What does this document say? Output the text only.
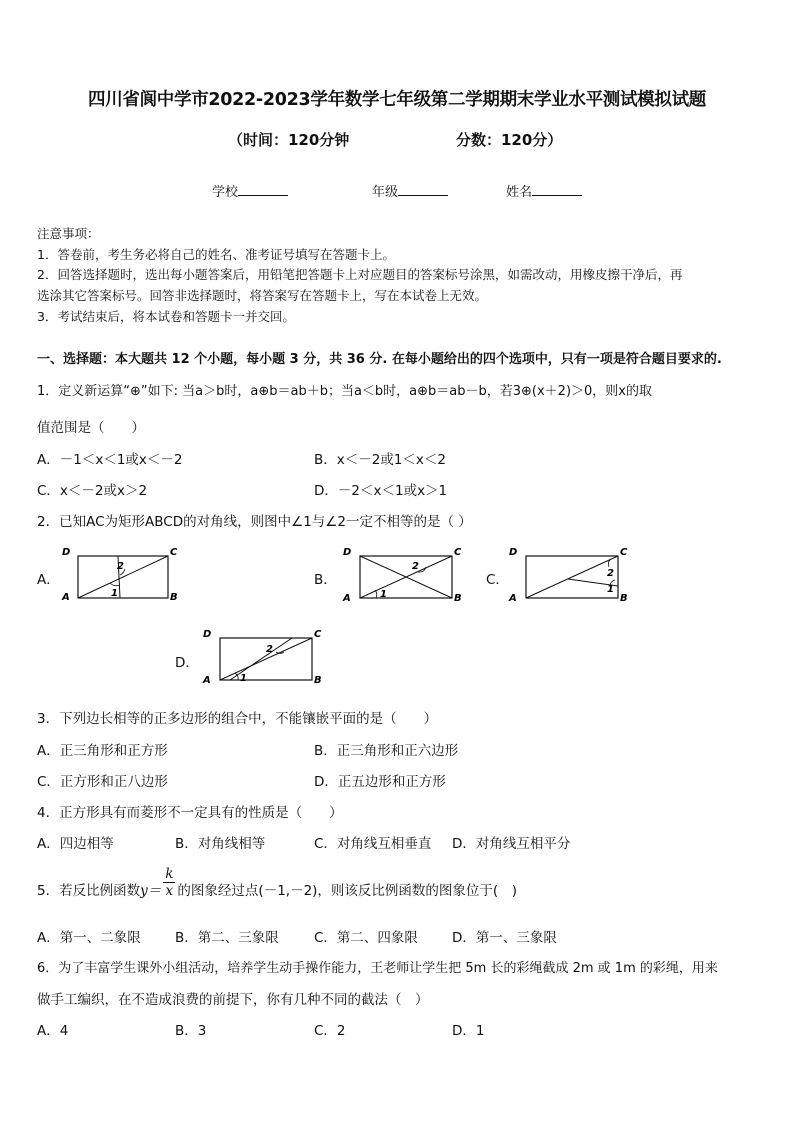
四川省阆中学市2022-2023学年数学七年级第二学期期末学业水平测试模拟试题
（时间：120分钟	分数：120分）
学校	年级	姓名
注意事项：
1．答卷前，考生务必将自己的姓名、准考证号填写在答题卡上。
2．回答选择题时，选出每小题答案后，用铅笔把答题卡上对应题目的答案标号涂黑，如需改动，用橡皮擦干净后，再
选涂其它答案标号。回答非选择题时，将答案写在答题卡上，写在本试卷上无效。
3．考试结束后，将本试卷和答题卡一并交回。
一、选择题：本大题共 12 个小题，每小题 3 分，共 36 分. 在每小题给出的四个选项中，只有一项是符合题目要求的.
1．定义新运算“⊕”如下: 当a＞b时，a⊕b＝ab＋b；当a＜b时，a⊕b＝ab－b，若3⊕(x＋2)＞0，则x的取
值范围是（　　）
A．－1＜x＜1或x＜－2	B．x＜－2或1＜x＜2
C．x＜－2或x＞2	D．－2＜x＜1或x＞1
2．已知AC为矩形ABCD的对角线，则图中∠1与∠2一定不相等的是（ ）
A．
D	C
A	B
1
2
B．
D	C
A	B
1
2
C．
D	C
A	B
1
2
D．
D	C
A	B
1
2
3．下列边长相等的正多边形的组合中，不能镶嵌平面的是（　　）
A．正三角形和正方形	B．正三角形和正六边形
C．正方形和正八边形	D．正五边形和正方形
4．正方形具有而菱形不一定具有的性质是（　　）
A．四边相等	B．对角线相等	C．对角线互相垂直 D．对角线互相平分
5．若反比例函数$y= \frac{k}{x}$ 的图象经过点(－1,－2)，则该反比例函数的图象位于(　)
A．第一、二象限	B．第二、三象限	C．第二、四象限	D．第一、三象限
6．为了丰富学生课外小组活动，培养学生动手操作能力，王老师让学生把 5m 长的彩绳截成 2m 或 1m 的彩绳，用来
做手工编织，在不造成浪费的前提下，你有几种不同的截法（　）
A．4	B．3	C．2	D．1
